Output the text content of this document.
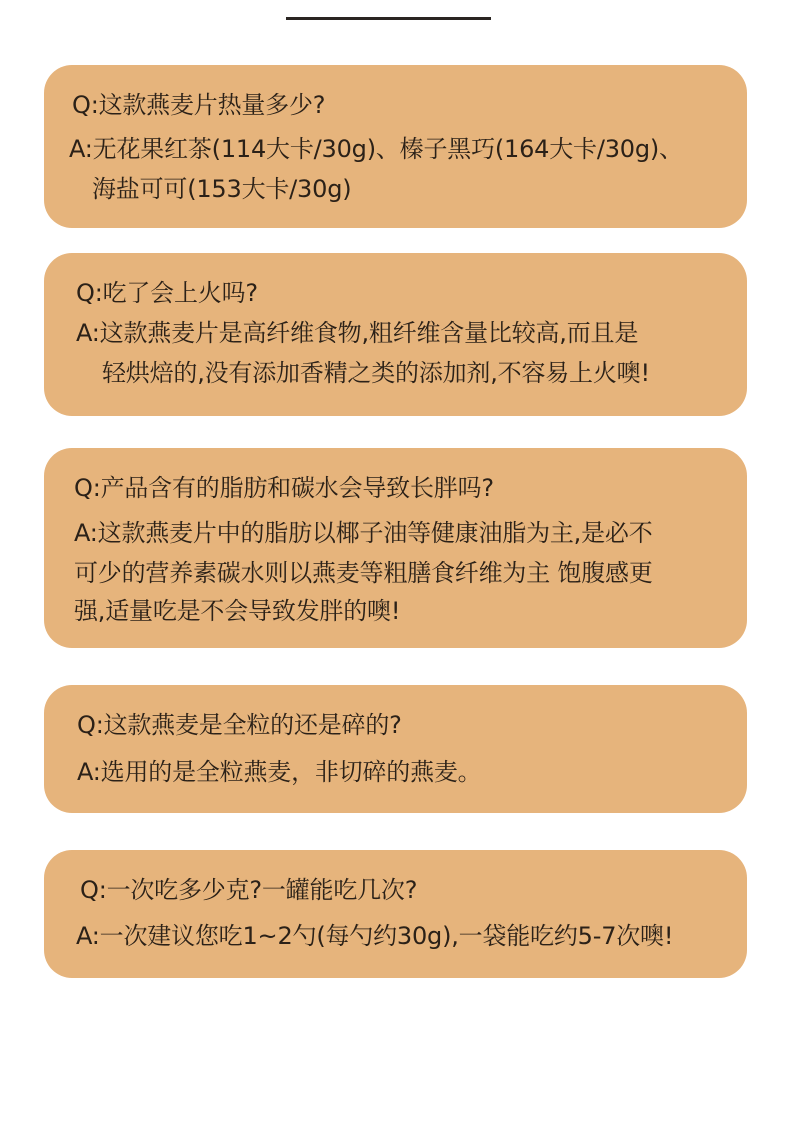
Q:这款燕麦片热量多少?

A:无花果红茶(114大卡/30g)、榛子黑巧(164大卡/30g)、

海盐可可(153大卡/30g)

Q:吃了会上火吗?

A:这款燕麦片是高纤维食物,粗纤维含量比较高,而且是

轻烘焙的,没有添加香精之类的添加剂,不容易上火噢!

Q:产品含有的脂肪和碳水会导致长胖吗?

A:这款燕麦片中的脂肪以椰子油等健康油脂为主,是必不

可少的营养素碳水则以燕麦等粗膳食纤维为主 饱腹感更

强,适量吃是不会导致发胖的噢!

Q:这款燕麦是全粒的还是碎的?

A:选用的是全粒燕麦，非切碎的燕麦。

Q:一次吃多少克?一罐能吃几次?

A:一次建议您吃1~2勺(每勺约30g),一袋能吃约5-7次噢!
